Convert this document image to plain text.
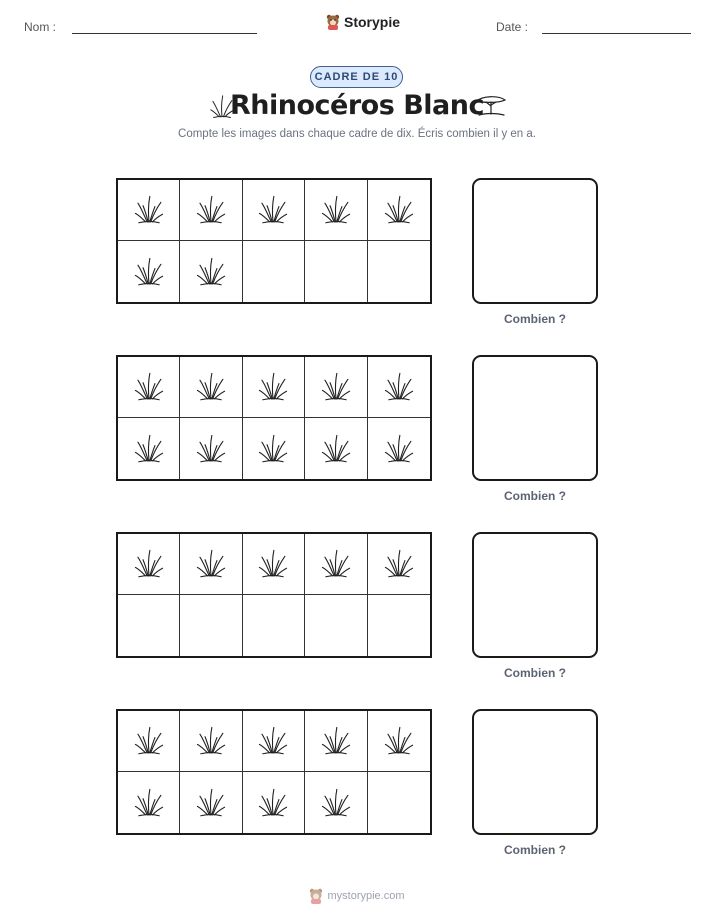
Nom :	Storypie	Date :
CADRE DE 10
Rhinocéros Blanc
Compte les images dans chaque cadre de dix. Écris combien il y en a.
Combien ?
Combien ?
Combien ?
Combien ?
mystorypie.com
